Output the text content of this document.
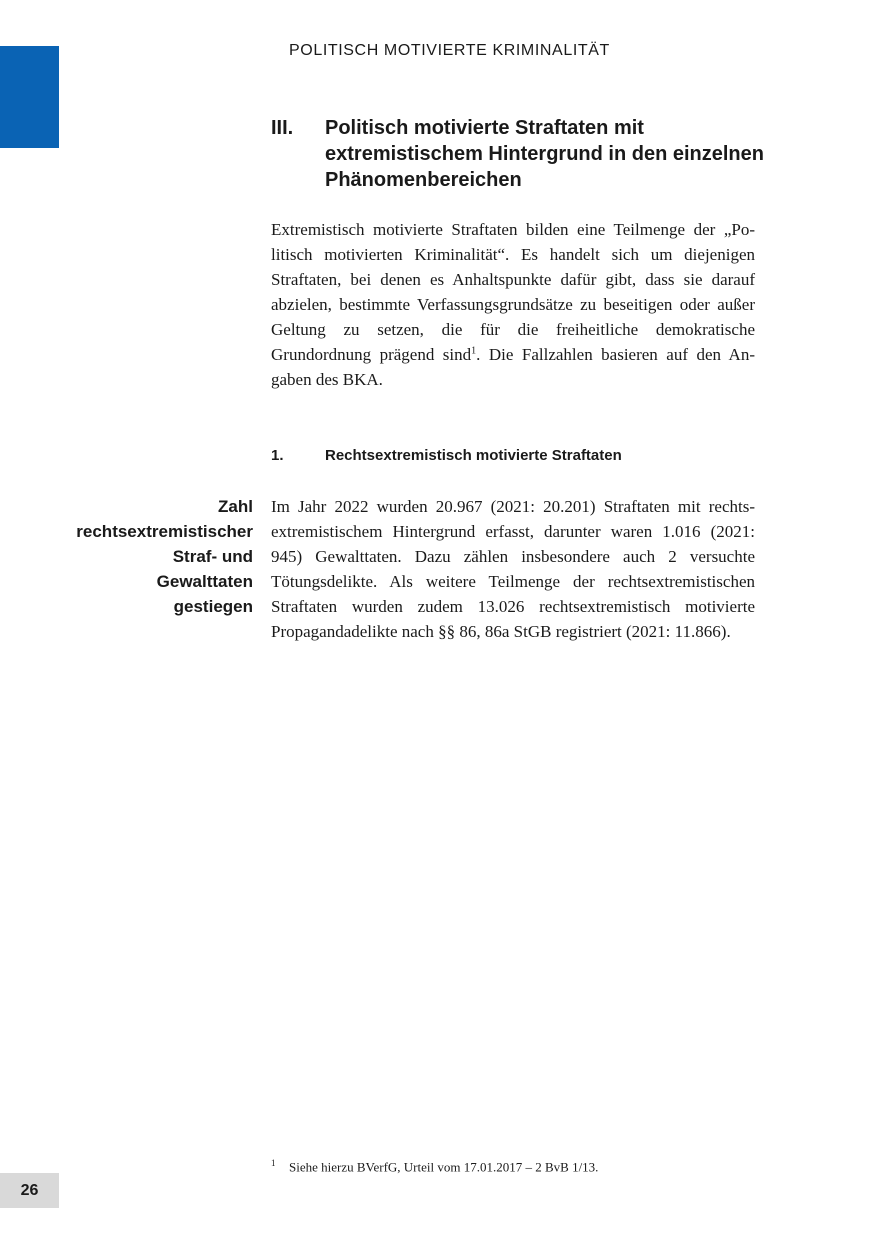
POLITISCH MOTIVIERTE KRIMINALITÄT
III. Politisch motivierte Straftaten mit extremistischem Hintergrund in den einzelnen Phänomenbereichen

Extremistisch motivierte Straftaten bilden eine Teilmenge der „Politisch motivierten Kriminalität“. Es handelt sich um diejenigen Straftaten, bei denen es Anhaltspunkte dafür gibt, dass sie darauf abzielen, bestimmte Verfassungsgrundsätze zu beseitigen oder außer Geltung zu setzen, die für die freiheitliche demokratische Grundordnung prägend sind$^1$. Die Fallzahlen basieren auf den Angaben des BKA.

1.	Rechtsextremistisch motivierte Straftaten
Zahl
rechtsextremistischer
Straf- und
Gewalttaten
gestiegen

Im Jahr 2022 wurden 20.967 (2021: 20.201) Straftaten mit rechtsextremistischem Hintergrund erfasst, darunter waren 1.016 (2021: 945) Gewalttaten. Dazu zählen insbesondere auch 2 versuchte Tötungsdelikte. Als weitere Teilmenge der rechtsextremistischen Straftaten wurden zudem 13.026 rechtsextremistisch motivierte Propagandadelikte nach §§ 86, 86a StGB registriert (2021: 11.866).

1 Siehe hierzu BVerfG, Urteil vom 17.01.2017 – 2 BvB 1/13.

26
